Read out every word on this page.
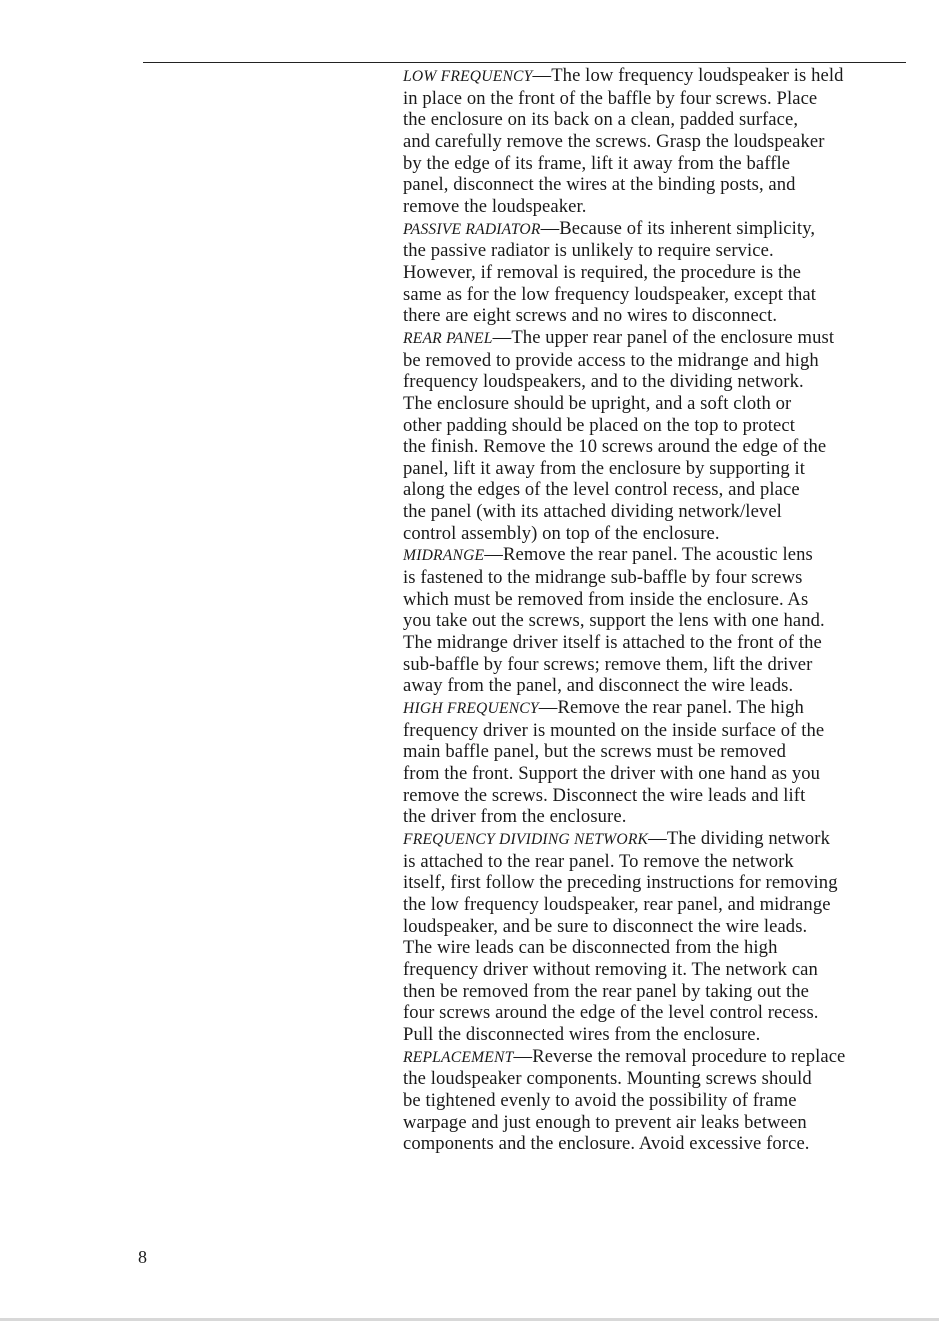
LOW FREQUENCY—The low frequency loudspeaker is held
in place on the front of the baffle by four screws. Place
the enclosure on its back on a clean, padded surface,
and carefully remove the screws. Grasp the loudspeaker
by the edge of its frame, lift it away from the baffle
panel, disconnect the wires at the binding posts, and
remove the loudspeaker.

PASSIVE RADIATOR—Because of its inherent simplicity,
the passive radiator is unlikely to require service.
However, if removal is required, the procedure is the
same as for the low frequency loudspeaker, except that
there are eight screws and no wires to disconnect.

REAR PANEL—The upper rear panel of the enclosure must
be removed to provide access to the midrange and high
frequency loudspeakers, and to the dividing network.
The enclosure should be upright, and a soft cloth or
other padding should be placed on the top to protect
the finish. Remove the 10 screws around the edge of the
panel, lift it away from the enclosure by supporting it
along the edges of the level control recess, and place
the panel (with its attached dividing network/level
control assembly) on top of the enclosure.

MIDRANGE—Remove the rear panel. The acoustic lens
is fastened to the midrange sub-baffle by four screws
which must be removed from inside the enclosure. As
you take out the screws, support the lens with one hand.
The midrange driver itself is attached to the front of the
sub-baffle by four screws; remove them, lift the driver
away from the panel, and disconnect the wire leads.

HIGH FREQUENCY—Remove the rear panel. The high
frequency driver is mounted on the inside surface of the
main baffle panel, but the screws must be removed
from the front. Support the driver with one hand as you
remove the screws. Disconnect the wire leads and lift
the driver from the enclosure.

FREQUENCY DIVIDING NETWORK—The dividing network
is attached to the rear panel. To remove the network
itself, first follow the preceding instructions for removing
the low frequency loudspeaker, rear panel, and midrange
loudspeaker, and be sure to disconnect the wire leads.
The wire leads can be disconnected from the high
frequency driver without removing it. The network can
then be removed from the rear panel by taking out the
four screws around the edge of the level control recess.
Pull the disconnected wires from the enclosure.

REPLACEMENT—Reverse the removal procedure to replace
the loudspeaker components. Mounting screws should
be tightened evenly to avoid the possibility of frame
warpage and just enough to prevent air leaks between
components and the enclosure. Avoid excessive force.

8
